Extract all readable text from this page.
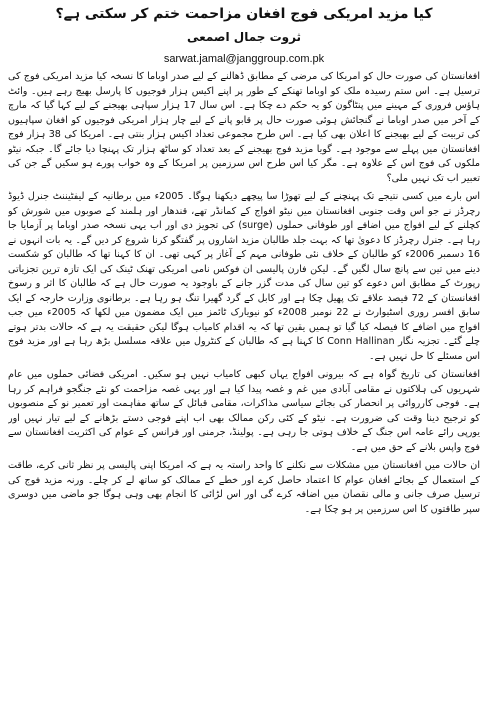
کیا مزید امریکی فوج افغان مزاحمت ختم کر سکتی ہے؟
ثروت جمال اصمعی
sarwat.jamal@janggroup.com.pk

افغانستان کی صورت حال کو امریکا کی مرضی کے مطابق ڈھالنے کے لیے صدر اوباما کا نسخہ کیا مزید امریکی فوج کی ترسیل ہے۔ اس ستم رسیدہ ملک کو اوباما تھنکے کے طور پر اپنے اکیس ہزار فوجیوں کا پارسل بھیج رہے ہیں۔ وائٹ ہاؤس فروری کے مہینے میں پنٹاگون کو یہ حکم دے چکا ہے۔ اس سال 17 ہزار سپاہی بھیجنے کے لیے کہا گیا کہ مارچ کے آخر میں صدر اوباما نے گنجائش ہوئی صورت حال پر قابو پانے کے لیے چار ہزار امریکی فوجیوں کو افغان سپاہیوں کی تربیت کے لیے بھیجنے کا اعلان بھی کیا ہے۔ اس طرح مجموعی تعداد اکیس ہزار بنتی ہے۔ امریکا کی 38 ہزار فوج افغانستان میں پہلے سے موجود ہے۔ گویا مزید فوج بھیجنے کے بعد تعداد کو ساٹھ ہزار تک پہنچا دیا جائے گا۔ جبکہ نیٹو ملکوں کی فوج اس کے علاوہ ہے۔ مگر کیا اس طرح اس سرزمین پر امریکا کے وہ خواب پورے ہو سکیں گے جن کی تعبیر اب تک نہیں ملی؟

اس بارے میں کسی نتیجے تک پہنچنے کے لیے تھوڑا سا پیچھے دیکھنا ہوگا۔ 2005ء میں برطانیہ کے لیفٹیننٹ جنرل ڈیوڈ رچرڈز نے جو اس وقت جنوبی افغانستان میں نیٹو افواج کے کمانڈر تھے، قندھار اور ہلمند کے صوبوں میں شورش کو کچلنے کے لیے افواج میں اضافے اور طوفانی حملوں (surge) کی تجویز دی اور اب یہی نسخہ صدر اوباما پر آزمایا جا رہا ہے۔ جنرل رچرڈز کا دعویٰ تھا کہ بہت جلد طالبان مزید اشاروں پر گفتگو کرنا شروع کر دیں گے۔ یہ بات انہوں نے 16 دسمبر 2006ء کو طالبان کے خلاف نئی طوفانی مہم کے آغاز پر کہی تھی۔ ان کا کہنا تھا کہ طالبان کو شکست دینے میں تین سے پانچ سال لگیں گے۔ لیکن فارن پالیسی ان فوکس نامی امریکی تھنک ٹینک کی ایک تازہ ترین تجزیاتی رپورٹ کے مطابق اس دعوے کو تین سال کی مدت گزر جانے کے باوجود یہ صورت حال ہے کہ طالبان کا اثر و رسوخ افغانستان کے 72 فیصد علاقے تک پھیل چکا ہے اور کابل کے گرد گھیرا تنگ ہو رہا ہے۔ برطانوی وزارت خارجہ کے ایک سابق افسر روری اسٹیوارٹ نے 22 نومبر 2008ء کو نیویارک ٹائمز میں ایک مضمون میں لکھا کہ 2005ء میں جب افواج میں اضافے کا فیصلہ کیا گیا تو ہمیں یقین تھا کہ یہ اقدام کامیاب ہوگا لیکن حقیقت یہ ہے کہ حالات بدتر ہوتے چلے گئے۔ تجزیہ نگار Conn Hallinan کا کہنا ہے کہ طالبان کے کنٹرول میں علاقہ مسلسل بڑھ رہا ہے اور مزید فوج اس مسئلے کا حل نہیں ہے۔

افغانستان کی تاریخ گواہ ہے کہ بیرونی افواج یہاں کبھی کامیاب نہیں ہو سکیں۔ امریکی فضائی حملوں میں عام شہریوں کی ہلاکتوں نے مقامی آبادی میں غم و غصہ پیدا کیا ہے اور یہی غصہ مزاحمت کو نئے جنگجو فراہم کر رہا ہے۔ فوجی کارروائی پر انحصار کی بجائے سیاسی مذاکرات، مقامی قبائل کے ساتھ مفاہمت اور تعمیر نو کے منصوبوں کو ترجیح دینا وقت کی ضرورت ہے۔ نیٹو کے کئی رکن ممالک بھی اب اپنے فوجی دستے بڑھانے کے لیے تیار نہیں اور یورپی رائے عامہ اس جنگ کے خلاف ہوتی جا رہی ہے۔ پولینڈ، جرمنی اور فرانس کے عوام کی اکثریت افغانستان سے فوج واپس بلانے کے حق میں ہے۔

ان حالات میں افغانستان میں مشکلات سے نکلنے کا واحد راستہ یہ ہے کہ امریکا اپنی پالیسی پر نظر ثانی کرے، طاقت کے استعمال کے بجائے افغان عوام کا اعتماد حاصل کرے اور خطے کے ممالک کو ساتھ لے کر چلے۔ ورنہ مزید فوج کی ترسیل صرف جانی و مالی نقصان میں اضافہ کرے گی اور اس لڑائی کا انجام بھی وہی ہوگا جو ماضی میں دوسری سپر طاقتوں کا اس سرزمین پر ہو چکا ہے۔
